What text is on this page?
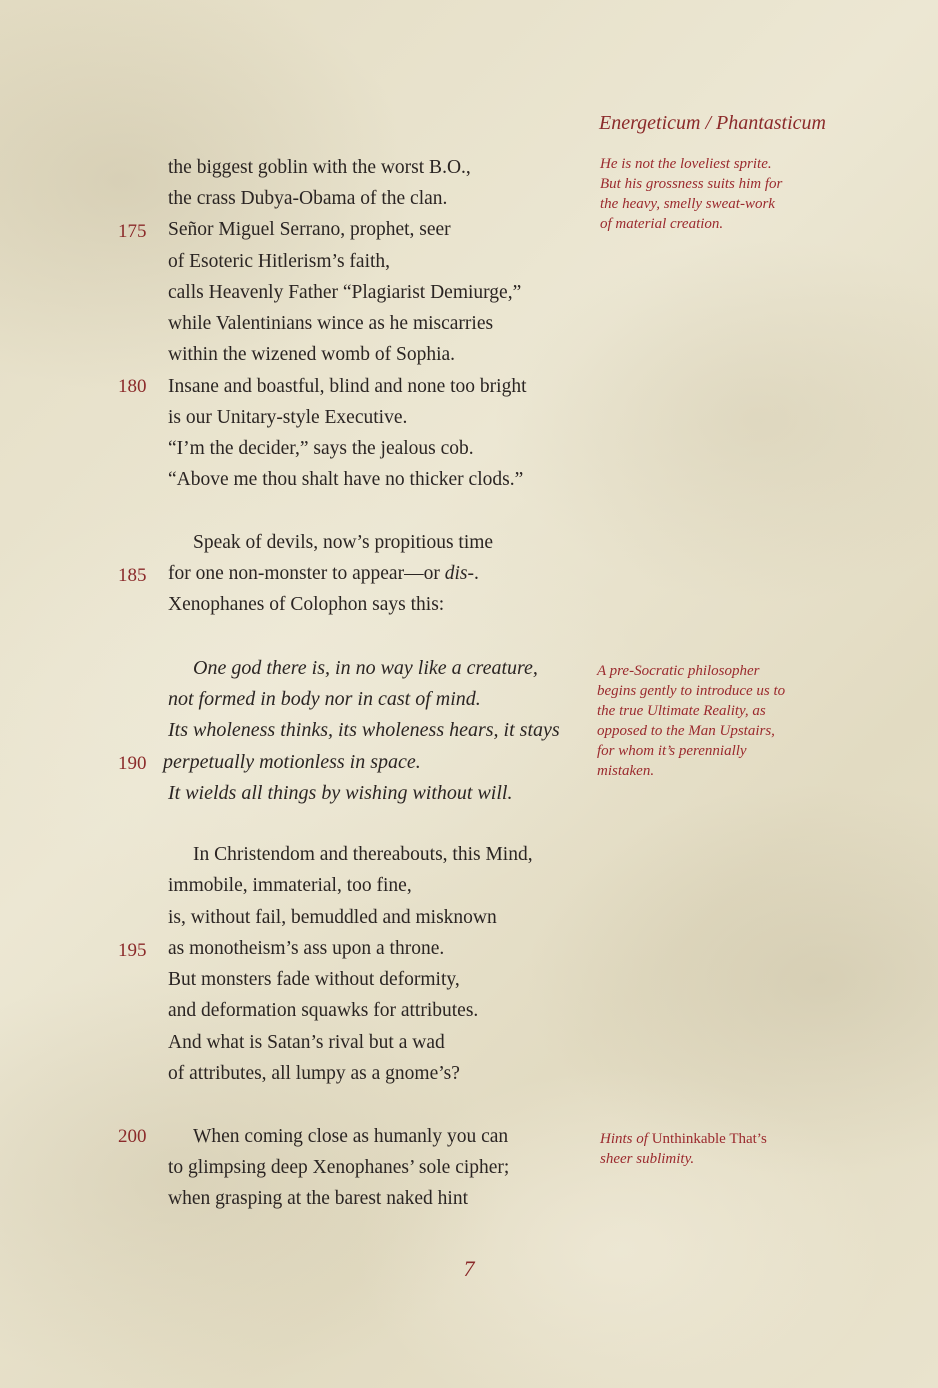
Energeticum / Phantasticum
the biggest goblin with the worst B.O.,
the crass Dubya-Obama of the clan.
175 Señor Miguel Serrano, prophet, seer
of Esoteric Hitlerism’s faith,
calls Heavenly Father “Plagiarist Demiurge,”
while Valentinians wince as he miscarries
within the wizened womb of Sophia.
180 Insane and boastful, blind and none too bright
is our Unitary-style Executive.
“I’m the decider,” says the jealous cob.
“Above me thou shalt have no thicker clods.”
Speak of devils, now’s propitious time
185 for one non-monster to appear—or dis-.
Xenophanes of Colophon says this:
One god there is, in no way like a creature,
not formed in body nor in cast of mind.
Its wholeness thinks, its wholeness hears, it stays
190 perpetually motionless in space.
It wields all things by wishing without will.
In Christendom and thereabouts, this Mind,
immobile, immaterial, too fine,
is, without fail, bemuddled and misknown
195 as monotheism’s ass upon a throne.
But monsters fade without deformity,
and deformation squawks for attributes.
And what is Satan’s rival but a wad
of attributes, all lumpy as a gnome’s?
200 When coming close as humanly you can
to glimpsing deep Xenophanes’ sole cipher;
when grasping at the barest naked hint
He is not the loveliest sprite.
But his grossness suits him for
the heavy, smelly sweat-work
of material creation.
A pre-Socratic philosopher
begins gently to introduce us to
the true Ultimate Reality, as
opposed to the Man Upstairs,
for whom it’s perennially
mistaken.
Hints of Unthinkable That’s
sheer sublimity.
7
